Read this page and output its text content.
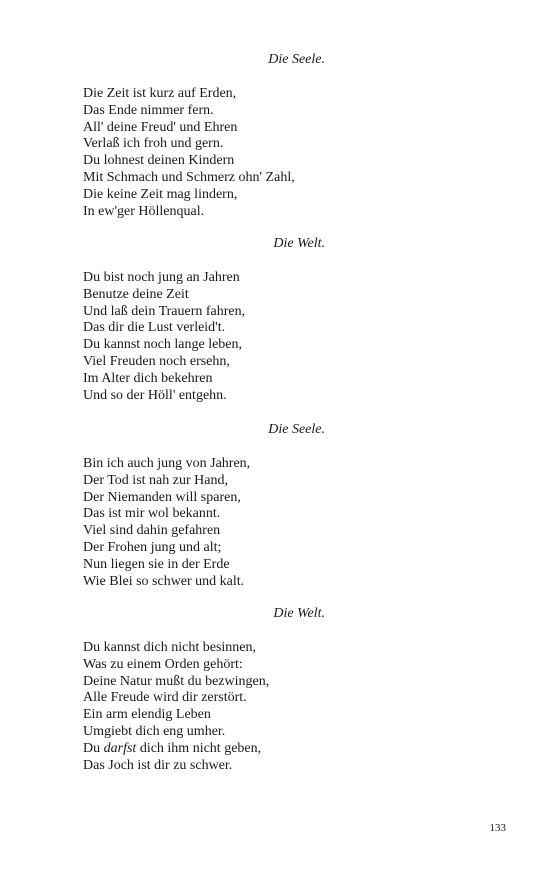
Die Seele.
Die Zeit ist kurz auf Erden,
Das Ende nimmer fern.
All' deine Freud' und Ehren
Verlaß ich froh und gern.
Du lohnest deinen Kindern
Mit Schmach und Schmerz ohn' Zahl,
Die keine Zeit mag lindern,
In ew'ger Höllenqual.
Die Welt.
Du bist noch jung an Jahren
Benutze deine Zeit
Und laß dein Trauern fahren,
Das dir die Lust verleid't.
Du kannst noch lange leben,
Viel Freuden noch ersehn,
Im Alter dich bekehren
Und so der Höll' entgehn.
Die Seele.
Bin ich auch jung von Jahren,
Der Tod ist nah zur Hand,
Der Niemanden will sparen,
Das ist mir wol bekannt.
Viel sind dahin gefahren
Der Frohen jung und alt;
Nun liegen sie in der Erde
Wie Blei so schwer und kalt.
Die Welt.
Du kannst dich nicht besinnen,
Was zu einem Orden gehört:
Deine Natur mußt du bezwingen,
Alle Freude wird dir zerstört.
Ein arm elendig Leben
Umgiebt dich eng umher.
Du darfst dich ihm nicht geben,
Das Joch ist dir zu schwer.
133
